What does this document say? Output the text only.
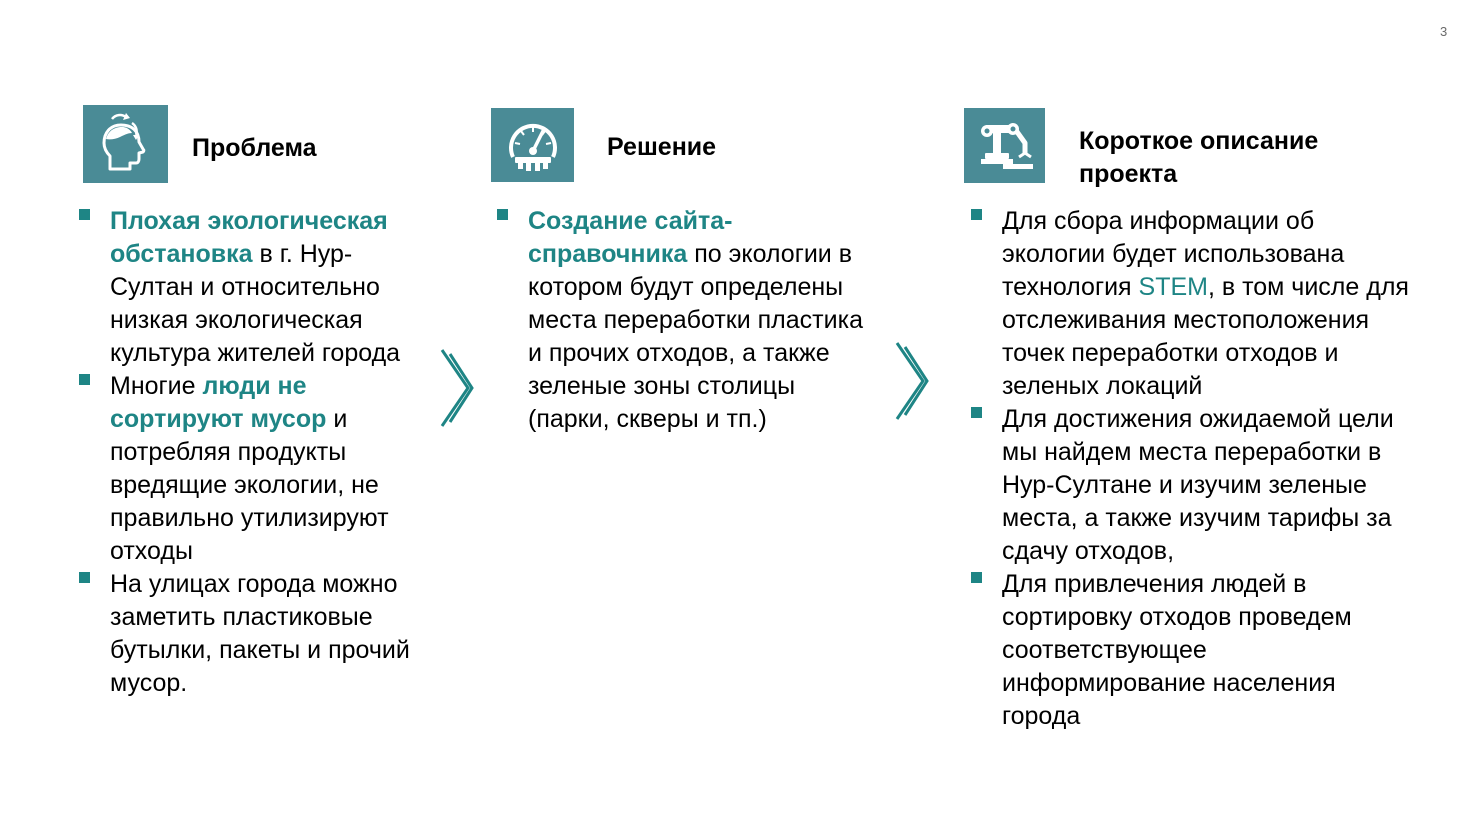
3
Проблема
Плохая экологическая обстановка в г. Нур-Султан и относительно низкая экологическая культура жителей города
Многие люди не сортируют мусор и потребляя продукты вредящие экологии, не правильно утилизируют отходы
На улицах города можно заметить пластиковые бутылки, пакеты и прочий мусор.
Решение
Создание сайта-справочника по экологии в котором будут определены места переработки пластика и прочих отходов, а также зеленые зоны столицы (парки, скверы и тп.)
Короткое описание проекта
Для сбора информации об экологии будет использована технология STEM, в том числе для отслеживания местоположения точек переработки отходов и зеленых локаций
Для достижения ожидаемой цели мы найдем места переработки в Нур-Султане и изучим зеленые места, а также изучим тарифы за сдачу отходов,
Для привлечения людей в сортировку отходов проведем соответствующее информирование населения города
